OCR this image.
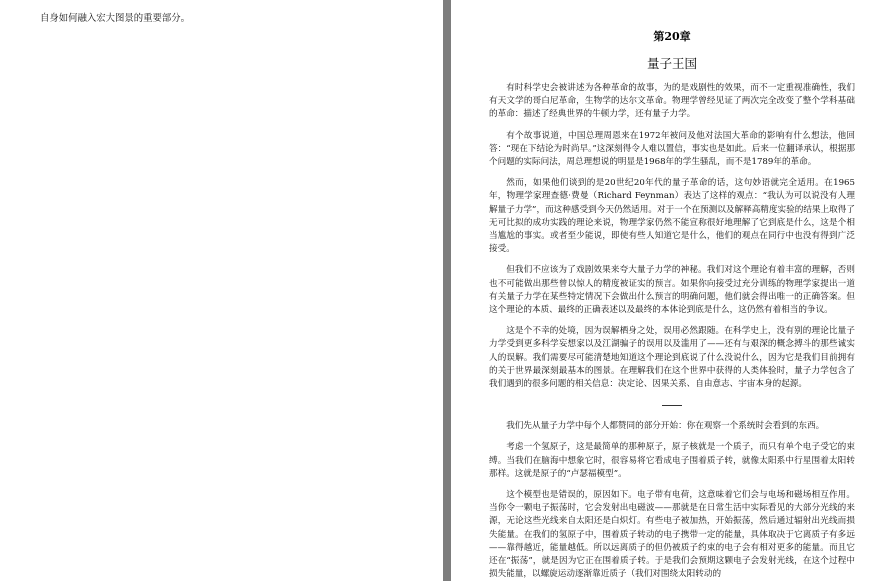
自身如何融入宏大图景的重要部分。
第20章
量子王国

有时科学史会被讲述为各种革命的故事，为的是戏剧性的效果，而不一定重视准确性，我们有天文学的哥白尼革命，生物学的达尔文革命。物理学曾经见证了两次完全改变了整个学科基础的革命：描述了经典世界的牛顿力学，还有量子力学。

有个故事说道，中国总理周恩来在1972年被问及他对法国大革命的影响有什么想法，他回答：“现在下结论为时尚早。”这深刻得令人难以置信，事实也是如此。后来一位翻译承认，根据那个问题的实际问法，周总理想说的明显是1968年的学生骚乱，而不是1789年的革命。

然而，如果他们谈到的是20世纪20年代的量子革命的话，这句妙语就完全适用。在1965年，物理学家理查德·费曼（Richard Feynman）表达了这样的观点：“我认为可以说没有人理解量子力学”，而这种感受到今天仍然适用。对于一个在预测以及解释高精度实验的结果上取得了无可比拟的成功实践的理论来说，物理学家仍然不能宣称很好地理解了它到底是什么，这是个相当尴尬的事实。或者至少能说，即使有些人知道它是什么，他们的观点在同行中也没有得到广泛接受。

但我们不应该为了戏剧效果来夸大量子力学的神秘。我们对这个理论有着丰富的理解，否则也不可能做出那些曾以惊人的精度被证实的预言。如果你向接受过充分训练的物理学家提出一道有关量子力学在某些特定情况下会做出什么预言的明确问题，他们就会得出唯一的正确答案。但这个理论的本质、最终的正确表述以及最终的本体论到底是什么，这仍然有着相当的争议。

这是个不幸的处境，因为误解栖身之处，误用必然跟随。在科学史上，没有别的理论比量子力学受到更多科学妄想家以及江湖骗子的误用以及滥用了——还有与艰深的概念搏斗的那些诚实人的误解。我们需要尽可能清楚地知道这个理论到底说了什么没说什么，因为它是我们目前拥有的关于世界最深刻最基本的图景。在理解我们在这个世界中获得的人类体验时，量子力学包含了我们遇到的很多问题的相关信息：决定论、因果关系、自由意志、宇宙本身的起源。

我们先从量子力学中每个人都赞同的部分开始：你在观察一个系统时会看到的东西。

考虑一个氢原子，这是最简单的那种原子，原子核就是一个质子，而只有单个电子受它的束缚。当我们在脑海中想象它时，很容易将它看成电子围着质子转，就像太阳系中行星围着太阳转那样。这就是原子的“卢瑟福模型”。

这个模型也是错误的，原因如下。电子带有电荷，这意味着它们会与电场和磁场相互作用。当你令一颗电子振荡时，它会发射出电磁波——那就是在日常生活中实际看见的大部分光线的来源，无论这些光线来自太阳还是白炽灯。有些电子被加热，开始振荡，然后通过辐射出光线而损失能量。在我们的氢原子中，围着质子转动的电子携带一定的能量，具体取决于它离质子有多远——靠得越近，能量越低。所以远离质子的但仍被质子约束的电子会有相对更多的能量。而且它还在“振荡”，就是因为它正在围着质子转。于是我们会预期这颗电子会发射光线，在这个过程中损失能量，以螺旋运动逐渐靠近质子（我们对围绕太阳转动的
